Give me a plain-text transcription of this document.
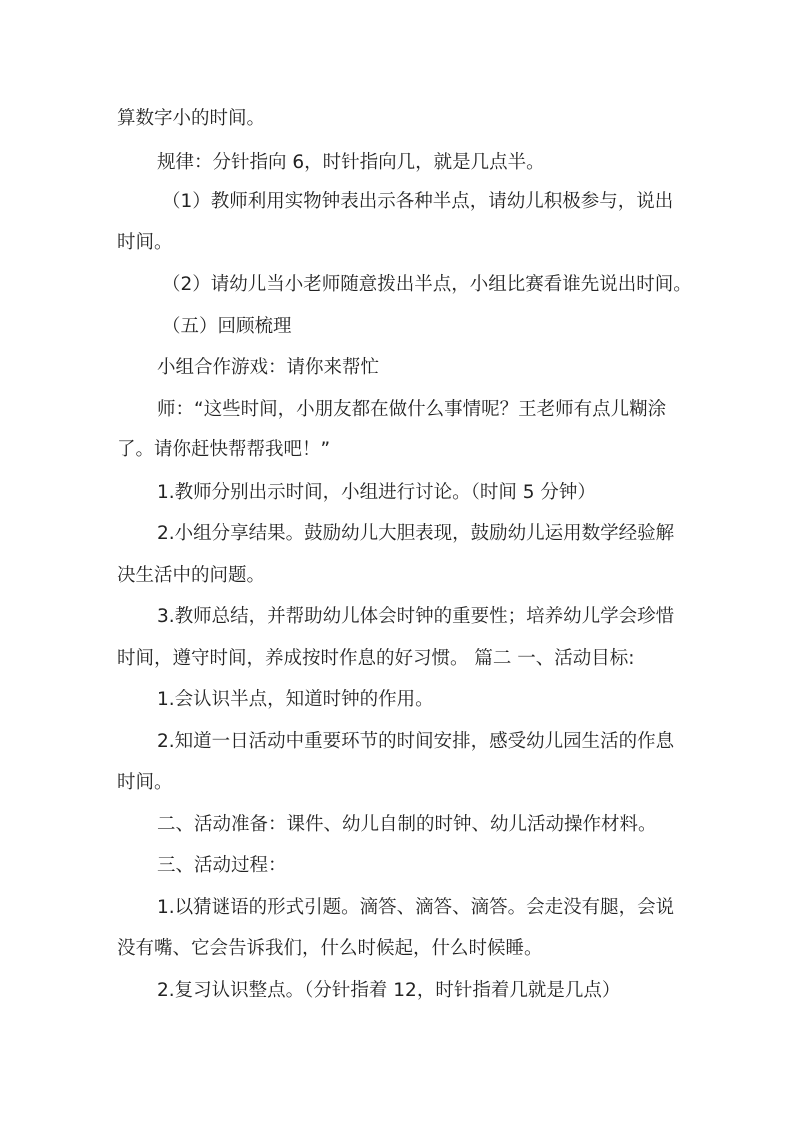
算数字小的时间。

规律：分针指向 6，时针指向几，就是几点半。

（1）教师利用实物钟表出示各种半点，请幼儿积极参与，说出

时间。

（2）请幼儿当小老师随意拨出半点，小组比赛看谁先说出时间。

（五）回顾梳理

小组合作游戏：请你来帮忙

师：“这些时间，小朋友都在做什么事情呢？王老师有点儿糊涂

了。请你赶快帮帮我吧！”

1.教师分别出示时间，小组进行讨论。（时间 5 分钟）

2.小组分享结果。鼓励幼儿大胆表现，鼓励幼儿运用数学经验解

决生活中的问题。

3.教师总结，并帮助幼儿体会时钟的重要性；培养幼儿学会珍惜

时间，遵守时间，养成按时作息的好习惯。 篇二 一、活动目标:

1.会认识半点，知道时钟的作用。

2.知道一日活动中重要环节的时间安排，感受幼儿园生活的作息

时间。

二、活动准备：课件、幼儿自制的时钟、幼儿活动操作材料。

三、活动过程：

1.以猜谜语的形式引题。滴答、滴答、滴答。会走没有腿，会说

没有嘴、它会告诉我们，什么时候起，什么时候睡。

2.复习认识整点。（分针指着 12，时针指着几就是几点）
